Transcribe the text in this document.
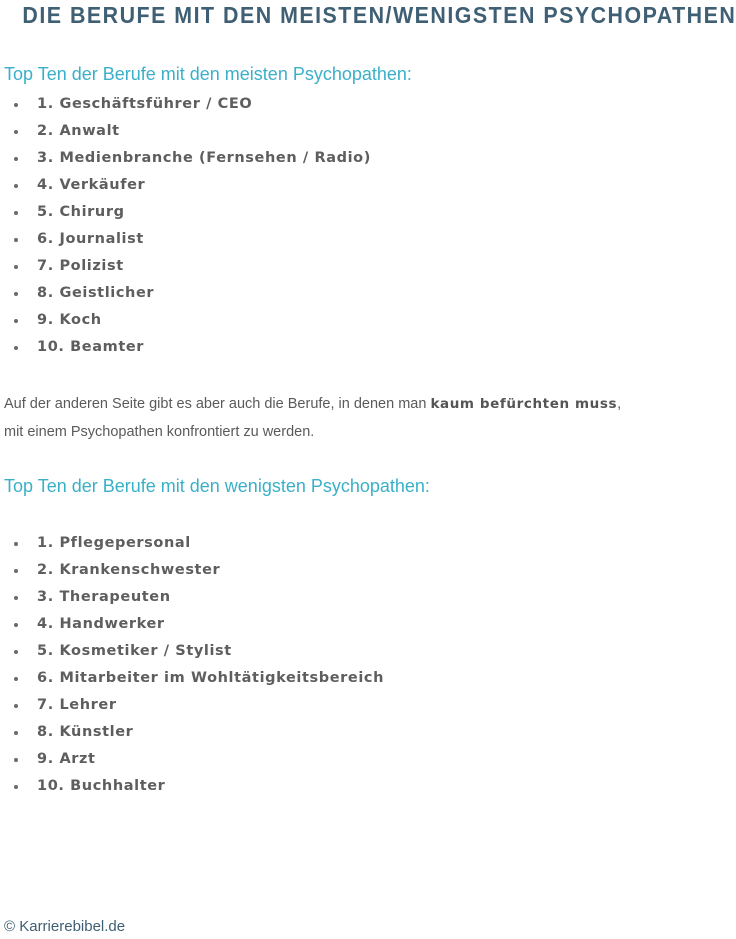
DIE BERUFE MIT DEN MEISTEN/WENIGSTEN PSYCHOPATHEN
Top Ten der Berufe mit den meisten Psychopathen:
1. Geschäftsführer / CEO
2. Anwalt
3. Medienbranche (Fernsehen / Radio)
4. Verkäufer
5. Chirurg
6. Journalist
7. Polizist
8. Geistlicher
9. Koch
10. Beamter

Auf der anderen Seite gibt es aber auch die Berufe, in denen man kaum befürchten muss, mit einem Psychopathen konfrontiert zu werden.

Top Ten der Berufe mit den wenigsten Psychopathen:
1. Pflegepersonal
2. Krankenschwester
3. Therapeuten
4. Handwerker
5. Kosmetiker / Stylist
6. Mitarbeiter im Wohltätigkeitsbereich
7. Lehrer
8. Künstler
9. Arzt
10. Buchhalter
© Karrierebibel.de
